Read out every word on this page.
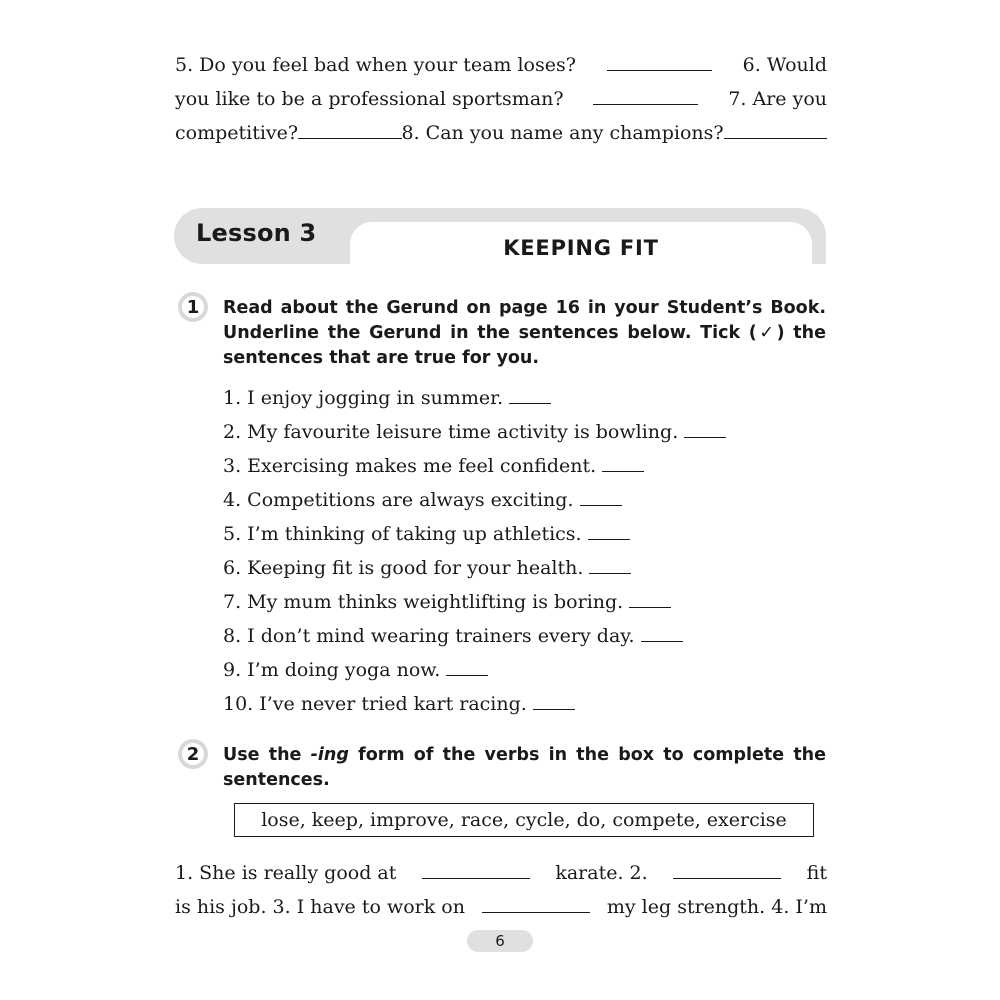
5. Do you feel bad when your team loses?	6. Would
you like to be a professional sportsman?	7. Are you
competitive?	8. Can you name any champions?
Lesson 3
KEEPING FIT
1 Read about the Gerund on page 16 in your Student’s Book. Underline the Gerund in the sentences below. Tick (✓) the sentences that are true for you.
1. I enjoy jogging in summer.
2. My favourite leisure time activity is bowling.
3. Exercising makes me feel confident.
4. Competitions are always exciting.
5. I’m thinking of taking up athletics.
6. Keeping fit is good for your health.
7. My mum thinks weightlifting is boring.
8. I don’t mind wearing trainers every day.
9. I’m doing yoga now.
10. I’ve never tried kart racing.
2 Use the -ing form of the verbs in the box to complete the sentences.
lose, keep, improve, race, cycle, do, compete, exercise
1. She is really good at	karate. 2.	fit
is his job. 3. I have to work on	my leg strength. 4. I’m
6
